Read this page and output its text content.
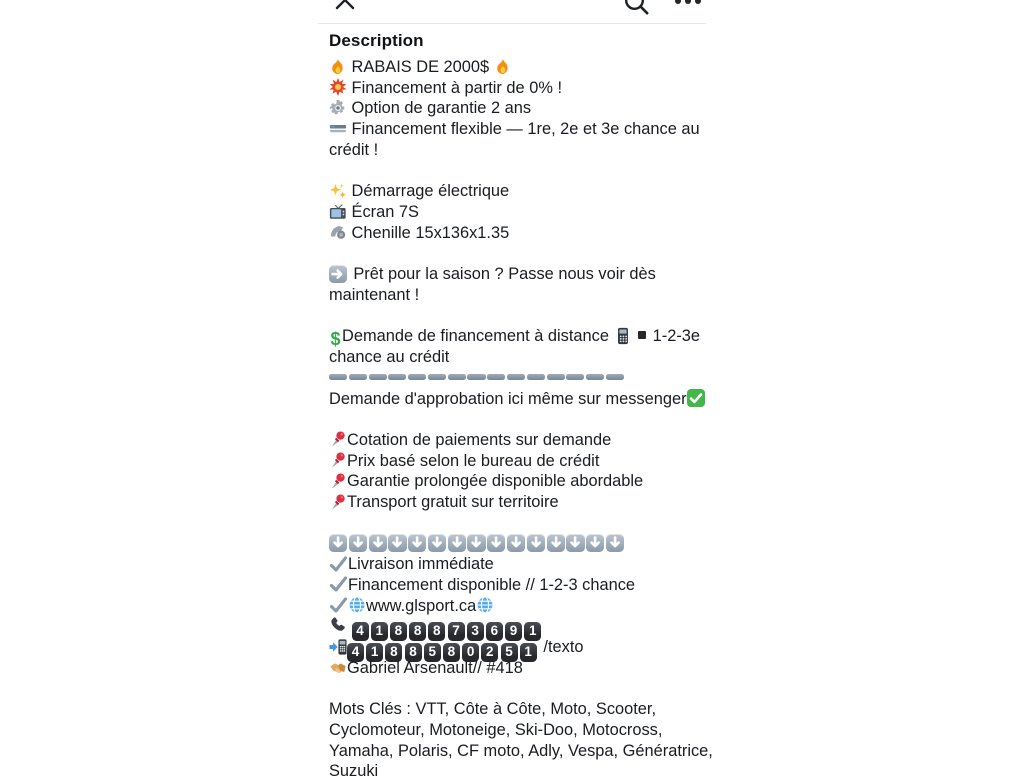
Description
RABAIS DE 2000$
Financement à partir de 0% !
Option de garantie 2 ans
Financement flexible — 1re, 2e et 3e chance au
crédit !

Démarrage électrique
Écran 7S
Chenille 15x136x1.35

Prêt pour la saison ? Passe nous voir dès
maintenant !

$ Demande de financement à distance
1-2-3e
chance au crédit
Demande d'approbation ici même sur messenger

Cotation de paiements sur demande
Prix basé selon le bureau de crédit
Garantie prolongée disponible abordable
Transport gratuit sur territoire

Livraison immédiate
Financement disponible // 1-2-3 chance
www.glsport.ca
4 1 8 8 8 7 3 6 9 1
4 1 8 8 5 8 0 2 5 1 /texto
Gabriel Arsenault// #418

Mots Clés : VTT, Côte à Côte, Moto, Scooter,
Cyclomoteur, Motoneige, Ski-Doo, Motocross,
Yamaha, Polaris, CF moto, Adly, Vespa, Génératrice,
Suzuki
